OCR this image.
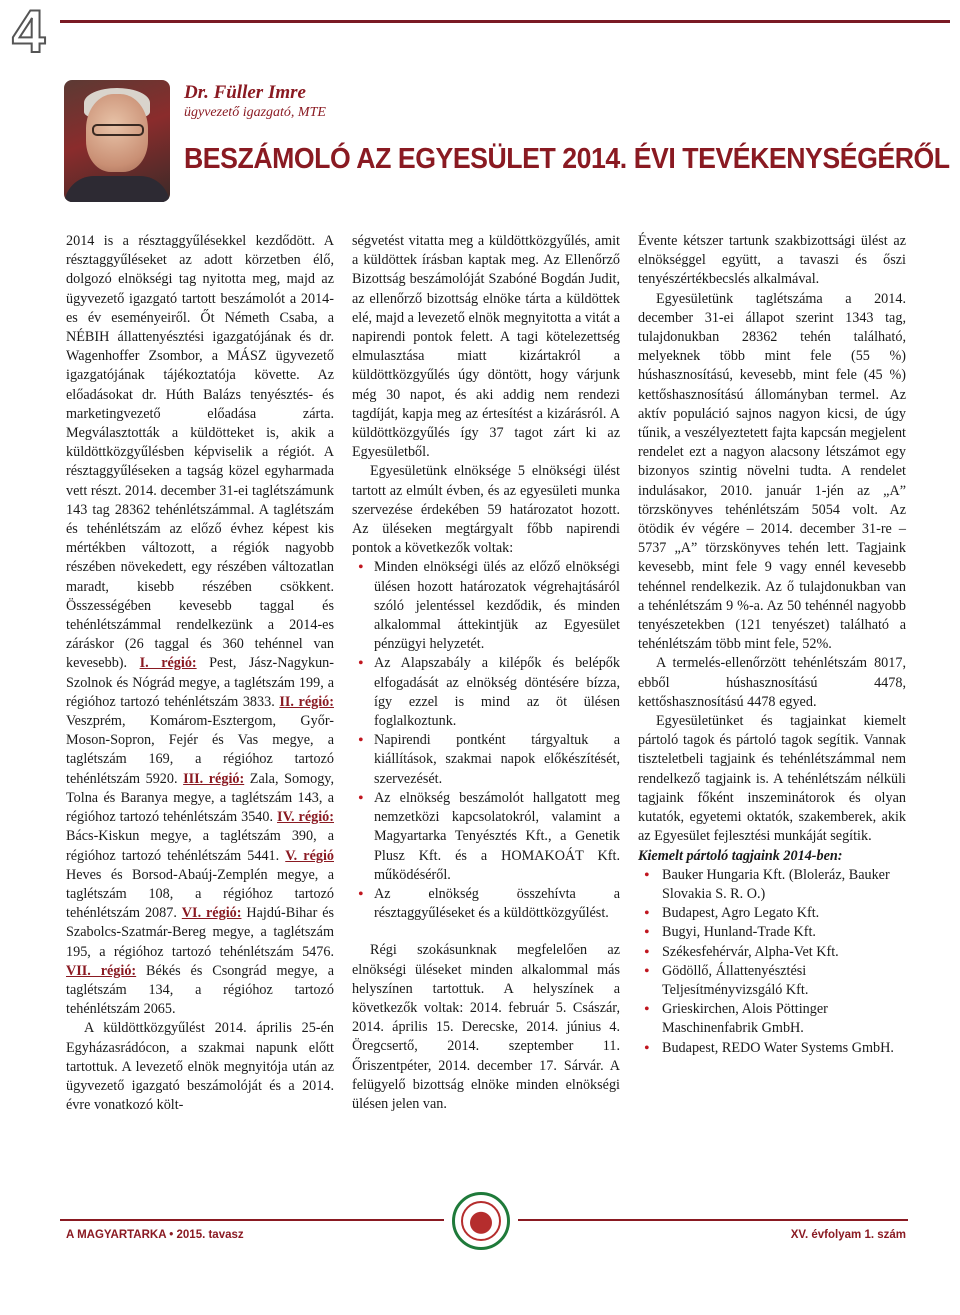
4
Dr. Füller Imre
ügyvezető igazgató, MTE
BESZÁMOLÓ AZ EGYESÜLET 2014. ÉVI TEVÉKENYSÉGÉRŐL

2014 is a résztaggyűlésekkel kezdődött. A résztaggyűléseket az adott körzetben élő, dolgozó elnökségi tag nyitotta meg, majd az ügyvezető igazgató tartott beszámolót a 2014-es év eseményeiről. Őt Németh Csaba, a NÉBIH állattenyésztési igazgatójának és dr. Wagenhoffer Zsombor, a MÁSZ ügyvezető igazgatójának tájékoztatója követte. Az előadásokat dr. Húth Balázs tenyésztés- és marketingvezető előadása zárta. Megválasztották a küldötteket is, akik a küldöttközgyűlésben képviselik a régiót. A résztaggyűléseken a tagság közel egyharmada vett részt. 2014. december 31-ei taglétszámunk 143 tag 28362 tehénlétszámmal. A taglétszám és tehénlétszám az előző évhez képest kis mértékben változott, a régiók nagyobb részében növekedett, egy részében változatlan maradt, kisebb részében csökkent. Összességében kevesebb taggal és tehénlétszámmal rendelkezünk a 2014-es záráskor (26 taggal és 360 tehénnel van kevesebb). I. régió: Pest, Jász-Nagykun-Szolnok és Nógrád megye, a taglétszám 199, a régióhoz tartozó tehénlétszám 3833. II. régió: Veszprém, Komárom-Esztergom, Győr-Moson-Sopron, Fejér és Vas megye, a taglétszám 169, a régióhoz tartozó tehénlétszám 5920. III. régió: Zala, Somogy, Tolna és Baranya megye, a taglétszám 143, a régióhoz tartozó tehénlétszám 3540. IV. régió: Bács-Kiskun megye, a taglétszám 390, a régióhoz tartozó tehénlétszám 5441. V. régió Heves és Borsod-Abaúj-Zemplén megye, a taglétszám 108, a régióhoz tartozó tehénlétszám 2087. VI. régió: Hajdú-Bihar és Szabolcs-Szatmár-Bereg megye, a taglétszám 195, a régióhoz tartozó tehénlétszám 5476. VII. régió: Békés és Csongrád megye, a taglétszám 134, a régióhoz tartozó tehénlétszám 2065.

A küldöttközgyűlést 2014. április 25-én Egyházasrádócon, a szakmai napunk előtt tartottuk. A levezető elnök megnyitója után az ügyvezető igazgató beszámolóját és a 2014. évre vonatkozó költ-

ségvetést vitatta meg a küldöttközgyűlés, amit a küldöttek írásban kaptak meg. Az Ellenőrző Bizottság beszámolóját Szabóné Bogdán Judit, az ellenőrző bizottság elnöke tárta a küldöttek elé, majd a levezető elnök megnyitotta a vitát a napirendi pontok felett. A tagi kötelezettség elmulasztása miatt kizártakról a küldöttközgyűlés úgy döntött, hogy várjunk még 30 napot, és aki addig nem rendezi tagdíját, kapja meg az értesítést a kizárásról. A küldöttközgyűlés így 37 tagot zárt ki az Egyesületből.

Egyesületünk elnöksége 5 elnökségi ülést tartott az elmúlt évben, és az egyesületi munka szervezése érdekében 59 határozatot hozott. Az üléseken megtárgyalt főbb napirendi pontok a következők voltak:

• Minden elnökségi ülés az előző elnökségi ülésen hozott határozatok végrehajtásáról szóló jelentéssel kezdődik, és minden alkalommal áttekintjük az Egyesület pénzügyi helyzetét.
• Az Alapszabály a kilépők és belépők elfogadását az elnökség döntésére bízza, így ezzel is mind az öt ülésen foglalkoztunk.
• Napirendi pontként tárgyaltuk a kiállítások, szakmai napok előkészítését, szervezését.
• Az elnökség beszámolót hallgatott meg nemzetközi kapcsolatokról, valamint a Magyartarka Tenyésztés Kft., a Genetik Plusz Kft. és a HOMAKOÁT Kft. működéséről.
• Az elnökség összehívta a résztaggyűléseket és a küldöttközgyűlést.

Régi szokásunknak megfelelően az elnökségi üléseket minden alkalommal más helyszínen tartottuk. A helyszínek a következők voltak: 2014. február 5. Császár, 2014. április 15. Derecske, 2014. június 4. Öregcsertő, 2014. szeptember 11. Őriszentpéter, 2014. december 17. Sárvár. A felügyelő bizottság elnöke minden elnökségi ülésen jelen van.

Évente kétszer tartunk szakbizottsági ülést az elnökséggel együtt, a tavaszi és őszi tenyészértékbecslés alkalmával.

Egyesületünk taglétszáma a 2014. december 31-ei állapot szerint 1343 tag, tulajdonukban 28362 tehén található, melyeknek több mint fele (55 %) húshasznosítású, kevesebb, mint fele (45 %) kettőshasznosítású állományban termel. Az aktív populáció sajnos nagyon kicsi, de úgy tűnik, a veszélyeztetett fajta kapcsán megjelent rendelet ezt a nagyon alacsony létszámot egy bizonyos szintig növelni tudta. A rendelet indulásakor, 2010. január 1-jén az „A” törzskönyves tehénlétszám 5054 volt. Az ötödik év végére – 2014. december 31-re – 5737 „A” törzskönyves tehén lett. Tagjaink kevesebb, mint fele 9 vagy ennél kevesebb tehénnel rendelkezik. Az ő tulajdonukban van a tehénlétszám 9 %-a. Az 50 tehénnél nagyobb tenyészetekben (121 tenyészet) található a tehénlétszám több mint fele, 52%.

A termelés-ellenőrzött tehénlétszám 8017, ebből húshasznosítású 4478, kettőshasznosítású 4478 egyed.

Egyesületünket és tagjainkat kiemelt pártoló tagok és pártoló tagok segítik. Vannak tiszteletbeli tagjaink és tehénlétszámmal nem rendelkező tagjaink is. A tehénlétszám nélküli tagjaink főként inszeminátorok és olyan kutatók, egyetemi oktatók, szakemberek, akik az Egyesület fejlesztési munkáját segítik.

Kiemelt pártoló tagjaink 2014-ben:

• Bauker Hungaria Kft. (Bloleráz, Bauker Slovakia S. R. O.)
• Budapest, Agro Legato Kft.
• Bugyi, Hunland-Trade Kft.
• Székesfehérvár, Alpha-Vet Kft.
• Gödöllő, Állattenyésztési Teljesítményvizsgáló Kft.
• Grieskirchen, Alois Pöttinger Maschinenfabrik GmbH.
• Budapest, REDO Water Systems GmbH.
A MAGYARTARKA • 2015. tavasz	XV. évfolyam 1. szám
